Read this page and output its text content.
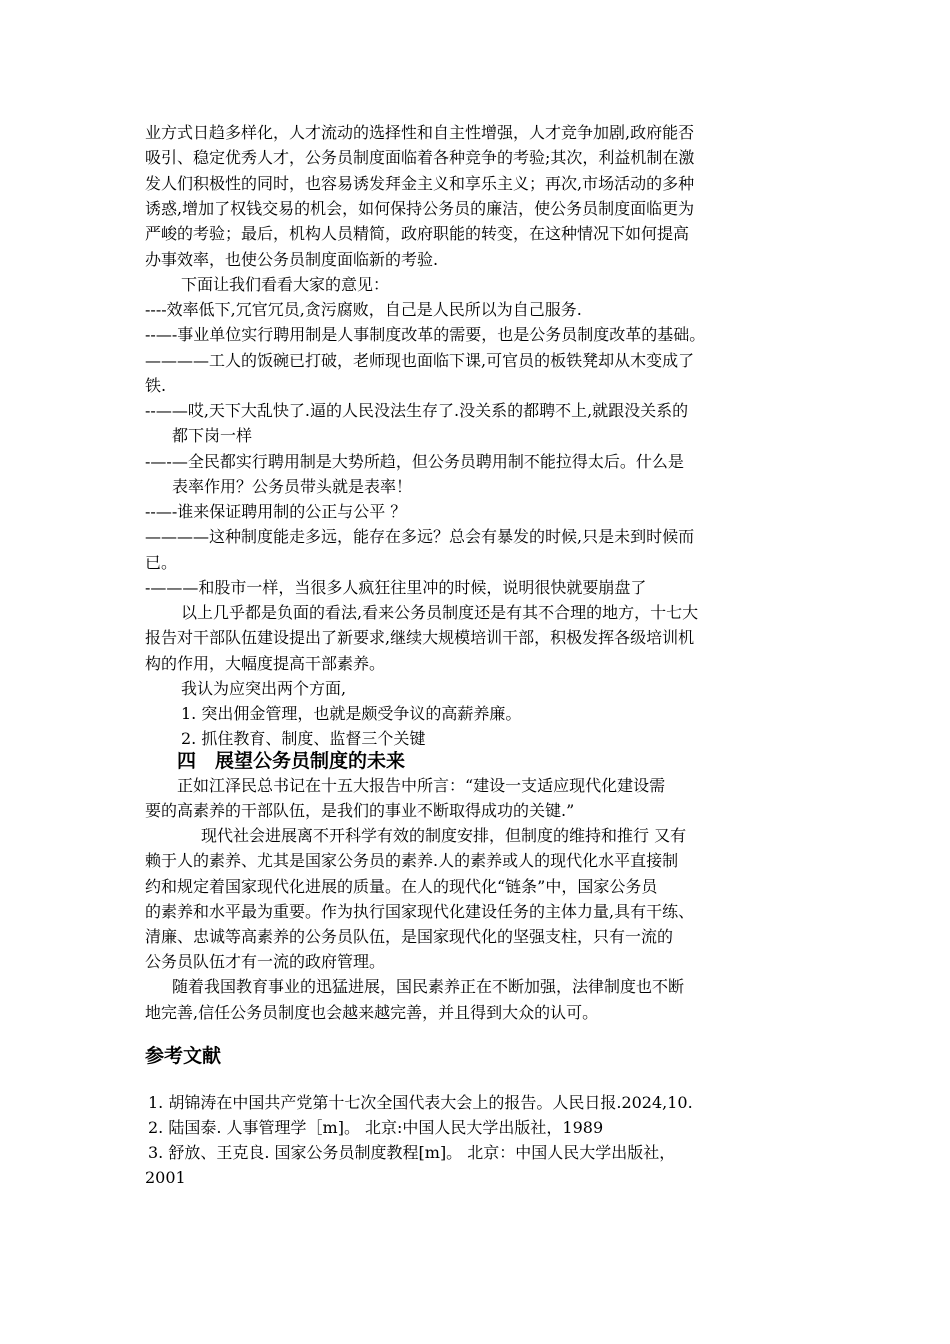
业方式日趋多样化，人才流动的选择性和自主性增强，人才竞争加剧,政府能否
吸引、稳定优秀人才，公务员制度面临着各种竞争的考验;其次，利益机制在激
发人们积极性的同时，也容易诱发拜金主义和享乐主义；再次,市场活动的多种
诱惑,增加了权钱交易的机会，如何保持公务员的廉洁，使公务员制度面临更为
严峻的考验；最后，机构人员精简，政府职能的转变，在这种情况下如何提高
办事效率，也使公务员制度面临新的考验.
下面让我们看看大家的意见：
----效率低下,冗官冗员,贪污腐败，自己是人民所以为自己服务.
--—-事业单位实行聘用制是人事制度改革的需要，也是公务员制度改革的基础。
————工人的饭碗已打破，老师现也面临下课,可官员的板铁凳却从木变成了
铁.
--——哎,天下大乱快了.逼的人民没法生存了.没关系的都聘不上,就跟没关系的
都下岗一样
-—-—全民都实行聘用制是大势所趋，但公务员聘用制不能拉得太后。什么是
表率作用？公务员带头就是表率！
--—-谁来保证聘用制的公正与公平 ？
————这种制度能走多远，能存在多远？总会有暴发的时候,只是未到时候而
已。
-———和股市一样，当很多人疯狂往里冲的时候，说明很快就要崩盘了
以上几乎都是负面的看法,看来公务员制度还是有其不合理的地方，十七大
报告对干部队伍建设提出了新要求,继续大规模培训干部，积极发挥各级培训机
构的作用，大幅度提高干部素养。
我认为应突出两个方面,
1. 突出佣金管理，也就是颇受争议的高薪养廉。
2. 抓住教育、制度、监督三个关键
四　展望公务员制度的未来
正如江泽民总书记在十五大报告中所言：“建设一支适应现代化建设需
要的高素养的干部队伍，是我们的事业不断取得成功的关键.”
现代社会进展离不开科学有效的制度安排，但制度的维持和推行 又有
赖于人的素养、尤其是国家公务员的素养.人的素养或人的现代化水平直接制
约和规定着国家现代化进展的质量。在人的现代化“链条”中，国家公务员
的素养和水平最为重要。作为执行国家现代化建设任务的主体力量,具有干练、
清廉、忠诚等高素养的公务员队伍，是国家现代化的坚强支柱，只有一流的
公务员队伍才有一流的政府管理。
随着我国教育事业的迅猛进展，国民素养正在不断加强，法律制度也不断
地完善,信任公务员制度也会越来越完善，并且得到大众的认可。
参考文献
1. 胡锦涛在中国共产党第十七次全国代表大会上的报告。人民日报.2024,10.
2. 陆国泰. 人事管理学［m]。 北京:中国人民大学出版社，1989
3. 舒放、王克良. 国家公务员制度教程[m]。 北京：中国人民大学出版社，
2001
